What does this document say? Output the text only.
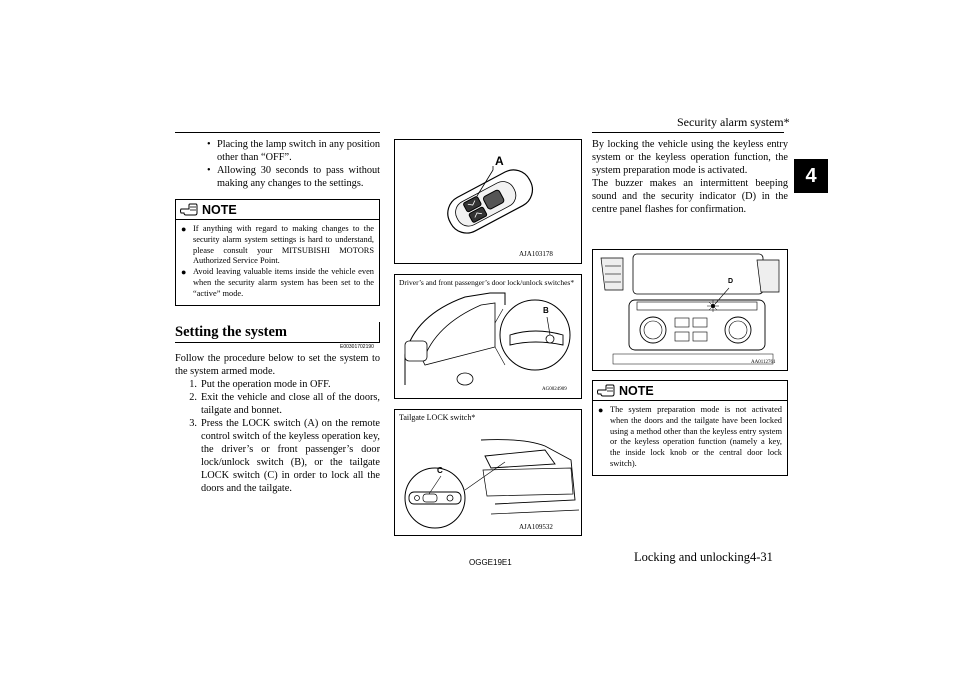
Security alarm system*
4
• Placing the lamp switch in any position other than “OFF”.
• Allowing 30 seconds to pass without making any changes to the settings.
NOTE
● If anything with regard to making changes to the security alarm system settings is hard to understand, please consult your MITSUBISHI MOTORS Authorized Service Point.
● Avoid leaving valuable items inside the vehicle even when the security alarm system has been set to the “active” mode.
Setting the system
E00301702190
Follow the procedure below to set the system to the system armed mode.
1. Put the operation mode in OFF.
2. Exit the vehicle and close all of the doors, tailgate and bonnet.
3. Press the LOCK switch (A) on the remote control switch of the keyless operation key, the driver’s or front passenger’s door lock/unlock switch (B), or the tailgate LOCK switch (C) in order to lock all the doors and the tailgate.
A
AJA103178
Driver’s and front passenger’s door lock/unlock switches*
B
AG0024909
Tailgate LOCK switch*
C
AJA109532
By locking the vehicle using the keyless entry system or the keyless operation function, the system preparation mode is activated.
The buzzer makes an intermittent beeping sound and the security indicator (D) in the centre panel flashes for confirmation.
D
AA0112761
NOTE
● The system preparation mode is not activated when the doors and the tailgate have been locked using a method other than the keyless entry system or the keyless operation function (namely a key, the inside lock knob or the central door lock switch).
OGGE19E1	Locking and unlocking 4-31
